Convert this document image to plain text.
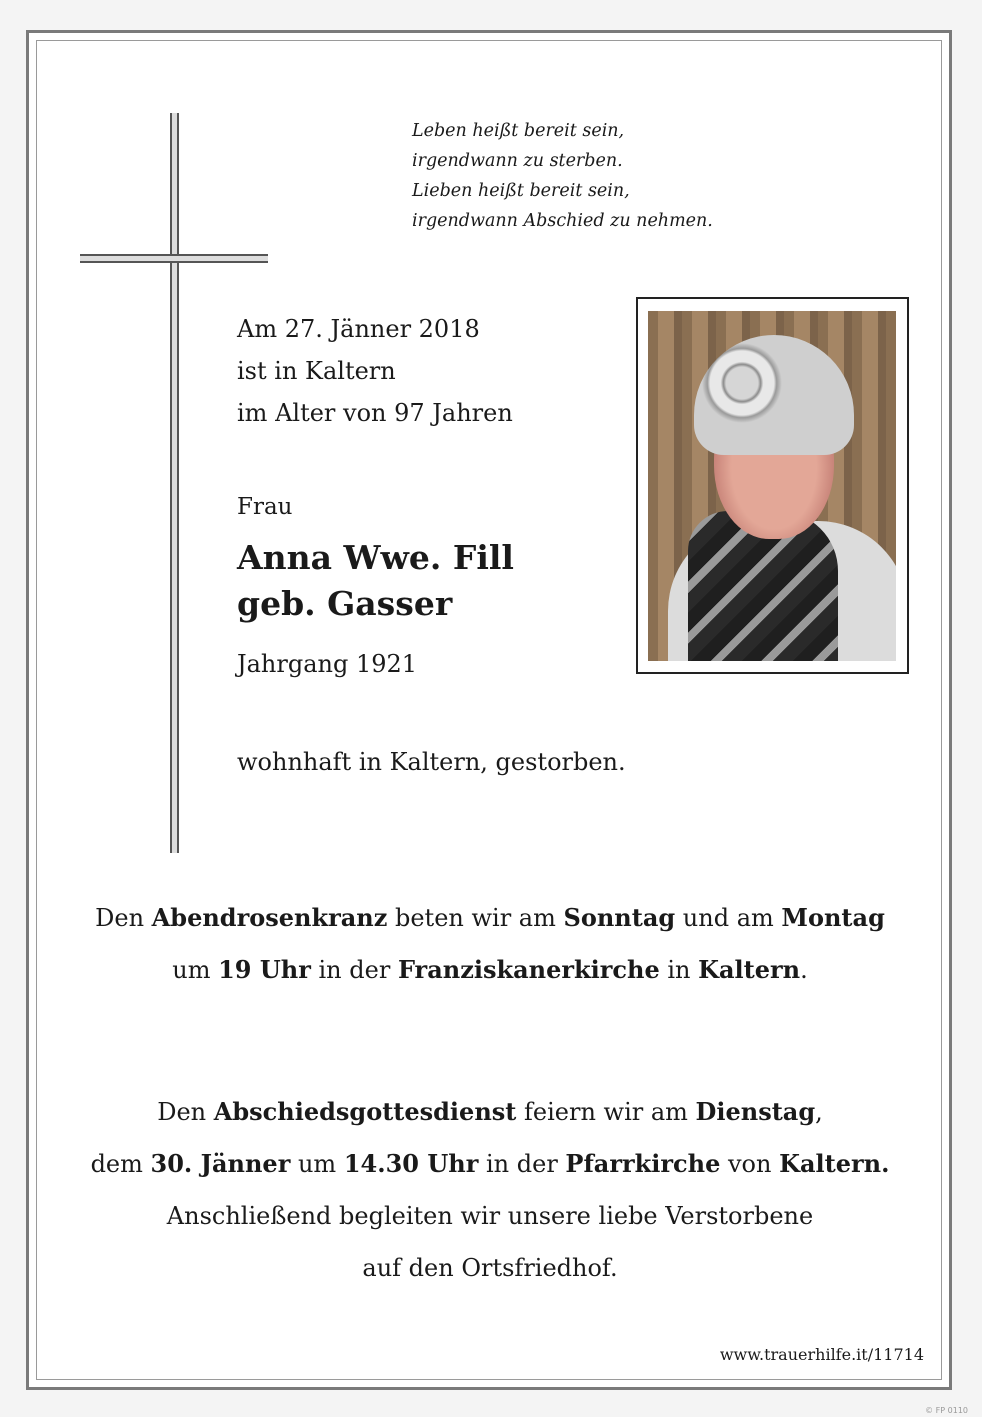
Leben heißt bereit sein,
irgendwann zu sterben.
Lieben heißt bereit sein,
irgendwann Abschied zu nehmen.
Am 27. Jänner 2018
ist in Kaltern
im Alter von 97 Jahren
Frau
Anna Wwe. Fill
geb. Gasser
Jahrgang 1921
wohnhaft in Kaltern, gestorben.
Den Abendrosenkranz beten wir am Sonntag und am Montag
um 19 Uhr in der Franziskanerkirche in Kaltern.
Den Abschiedsgottesdienst feiern wir am Dienstag,
dem 30. Jänner um 14.30 Uhr in der Pfarrkirche von Kaltern.
Anschließend begleiten wir unsere liebe Verstorbene
auf den Ortsfriedhof.
www.trauerhilfe.it/11714
© FP 0110
